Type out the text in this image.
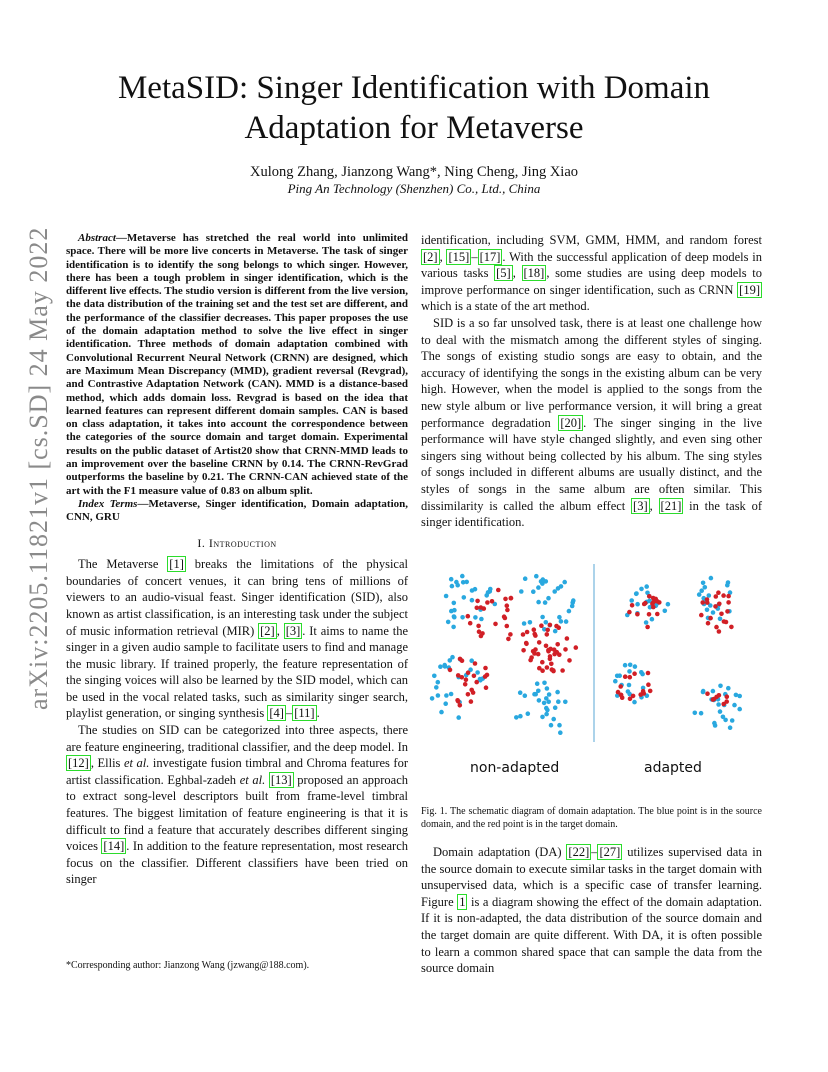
arXiv:2205.11821v1 [cs.SD] 24 May 2022
MetaSID: Singer Identification with Domain Adaptation for Metaverse
Xulong Zhang, Jianzong Wang*, Ning Cheng, Jing Xiao
Ping An Technology (Shenzhen) Co., Ltd., China

Abstract—Metaverse has stretched the real world into unlimited space. There will be more live concerts in Metaverse. The task of singer identification is to identify the song belongs to which singer. However, there has been a tough problem in singer identification, which is the different live effects. The studio version is different from the live version, the data distribution of the training set and the test set are different, and the performance of the classifier decreases. This paper proposes the use of the domain adaptation method to solve the live effect in singer identification. Three methods of domain adaptation combined with Convolutional Recurrent Neural Network (CRNN) are designed, which are Maximum Mean Discrepancy (MMD), gradient reversal (Revgrad), and Contrastive Adaptation Network (CAN). MMD is a distance-based method, which adds domain loss. Revgrad is based on the idea that learned features can represent different domain samples. CAN is based on class adaptation, it takes into account the correspondence between the categories of the source domain and target domain. Experimental results on the public dataset of Artist20 show that CRNN-MMD leads to an improvement over the baseline CRNN by 0.14. The CRNN-RevGrad outperforms the baseline by 0.21. The CRNN-CAN achieved state of the art with the F1 measure value of 0.83 on album split.

Index Terms—Metaverse, Singer identification, Domain adaptation, CNN, GRU

I. Introduction

The Metaverse [1] breaks the limitations of the physical boundaries of concert venues, it can bring tens of millions of viewers to an audio-visual feast. Singer identification (SID), also known as artist classification, is an interesting task under the subject of music information retrieval (MIR) [2] , [3] . It aims to name the singer in a given audio sample to facilitate users to find and manage the music library. If trained properly, the feature representation of the singing voices will also be learned by the SID model, which can be used in the vocal related tasks, such as similarity singer search, playlist generation, or singing synthesis [4] – [11] .

The studies on SID can be categorized into three aspects, there are feature engineering, traditional classifier, and the deep model. In [12] , Ellis et al. investigate fusion timbral and Chroma features for artist classification. Eghbal-zadeh et al. [13] proposed an approach to extract song-level descriptors built from frame-level timbral features. The biggest limitation of feature engineering is that it is difficult to find a feature that accurately describes different singing voices [14] . In addition to the feature representation, most research focus on the classifier. Different classifiers have been tried on singer

*Corresponding author: Jianzong Wang (jzwang@188.com).

identification, including SVM, GMM, HMM, and random forest [2] , [15] – [17] . With the successful application of deep models in various tasks [5] , [18] , some studies are using deep models to improve performance on singer identification, such as CRNN [19] which is a state of the art method.

SID is a so far unsolved task, there is at least one challenge how to deal with the mismatch among the different styles of singing. The songs of existing studio songs are easy to obtain, and the accuracy of identifying the songs in the existing album can be very high. However, when the model is applied to the songs from the new style album or live performance version, it will bring a great performance degradation [20] . The singer singing in the live performance will have style changed slightly, and even sing other singers sing without being collected by his album. The sing styles of songs included in different albums are usually distinct, and the styles of songs in the same album are often similar. This dissimilarity is called the album effect [3] , [21] in the task of singer identification.

non-adapted	adapted
Fig. 1. The schematic diagram of domain adaptation. The blue point is in the source domain, and the red point is in the target domain.

Domain adaptation (DA) [22] – [27] utilizes supervised data in the source domain to execute similar tasks in the target domain with unsupervised data, which is a specific case of transfer learning. Figure 1 is a diagram showing the effect of the domain adaptation. If it is non-adapted, the data distribution of the source domain and the target domain are quite different. With DA, it is often possible to learn a common shared space that can sample the data from the source domain
